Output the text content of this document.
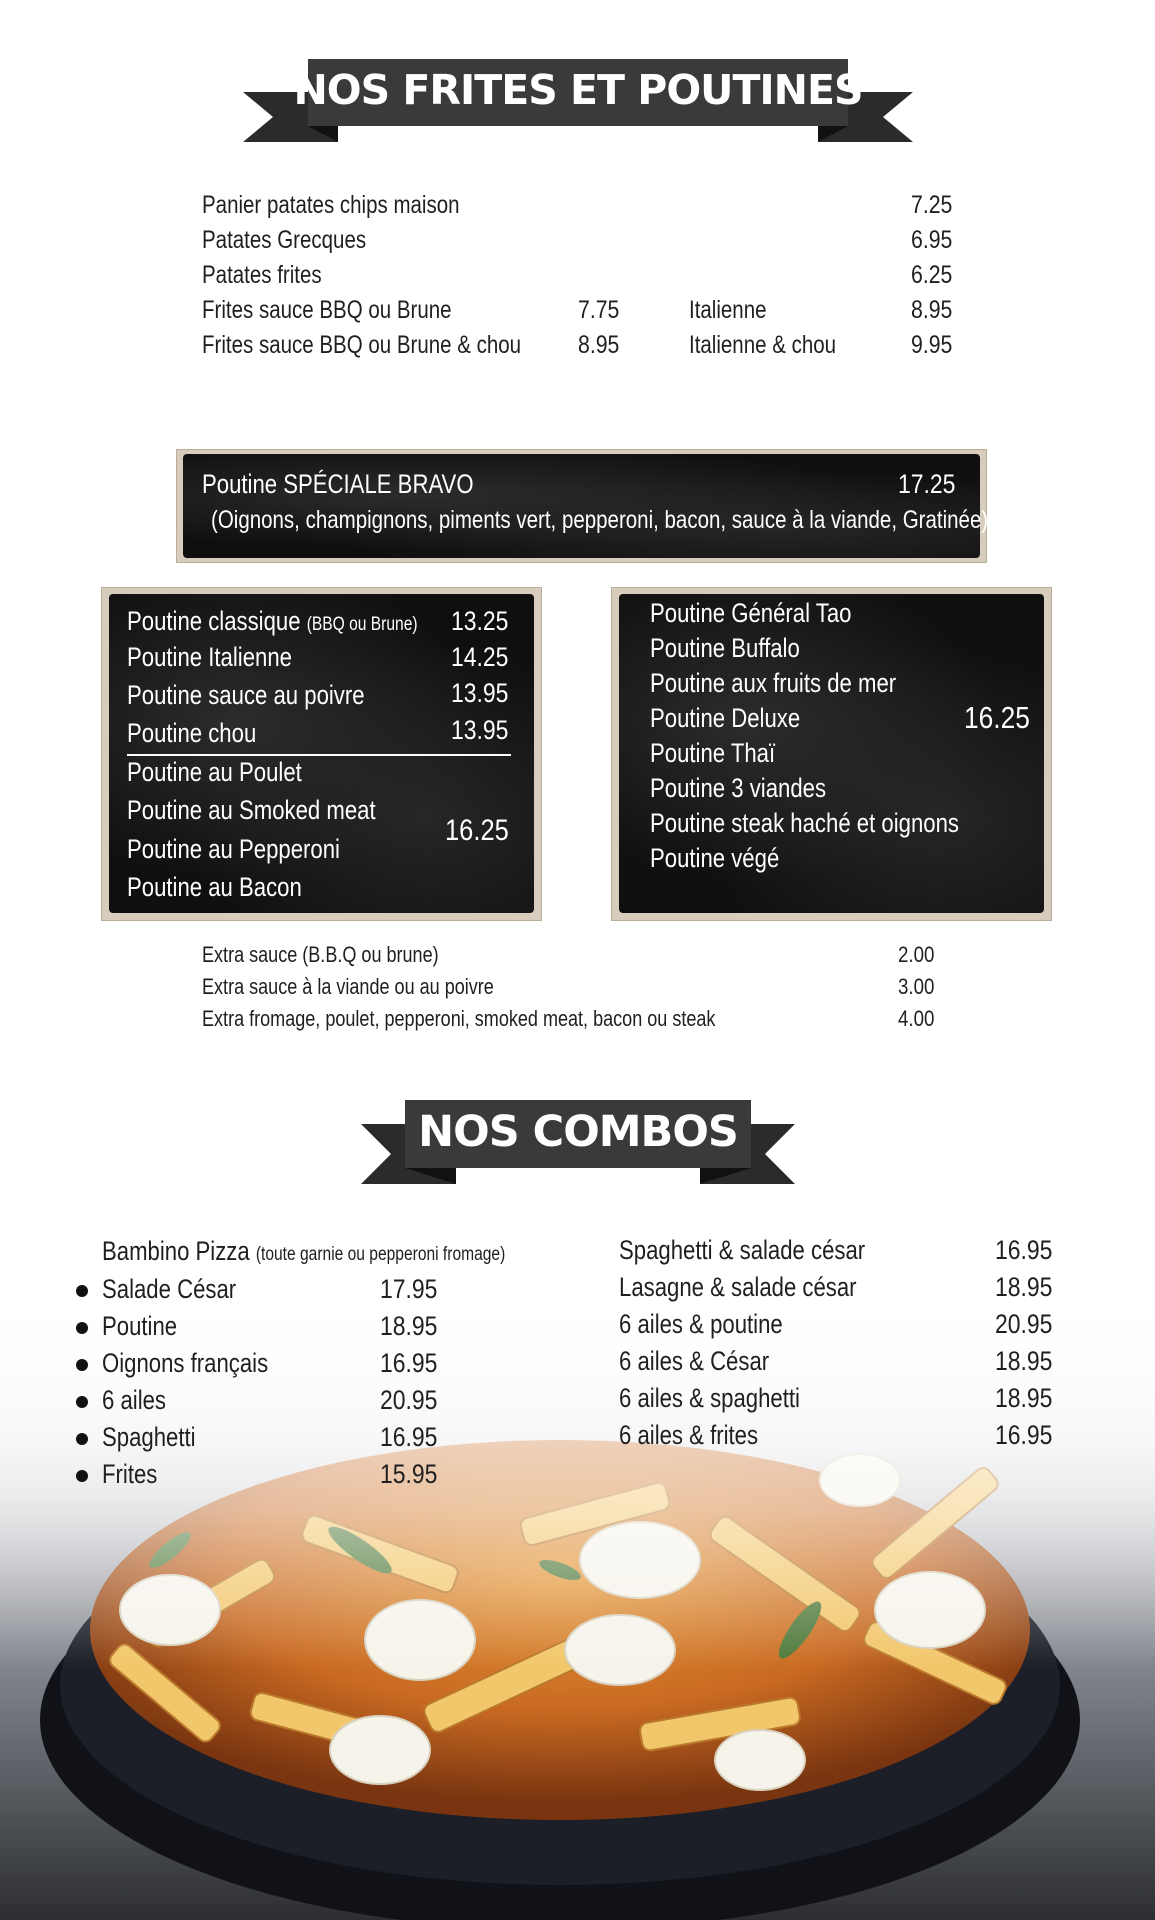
NOS FRITES ET POUTINES
Panier patates chips maison	7.25
Patates Grecques	6.95
Patates frites	6.25
Frites sauce BBQ ou Brune	7.75	Italienne	8.95
Frites sauce BBQ ou Brune & chou 8.95	Italienne & chou	9.95
Poutine SPÉCIALE BRAVO	17.25
(Oignons, champignons, piments vert, pepperoni, bacon, sauce à la viande, Gratinée)
Poutine classique (BBQ ou Brune) 13.25
Poutine Italienne	14.25
Poutine sauce au poivre	13.95
Poutine chou	13.95
Poutine au Poulet
Poutine au Smoked meat
Poutine au Pepperoni
Poutine au Bacon
16.25
Poutine Général Tao
Poutine Buffalo
Poutine aux fruits de mer
Poutine Deluxe
Poutine Thaï
Poutine 3 viandes
Poutine steak haché et oignons
Poutine végé
16.25
Extra sauce (B.B.Q ou brune)	2.00
Extra sauce à la viande ou au poivre	3.00
Extra fromage, poulet, pepperoni, smoked meat, bacon ou steak	4.00
NOS COMBOS
Bambino Pizza (toute garnie ou pepperoni fromage)
Salade César	17.95
Poutine	18.95
Oignons français	16.95
6 ailes	20.95
Spaghetti	16.95
Frites	15.95
Spaghetti & salade césar	16.95
Lasagne & salade césar	18.95
6 ailes & poutine	20.95
6 ailes & César	18.95
6 ailes & spaghetti	18.95
6 ailes & frites	16.95
